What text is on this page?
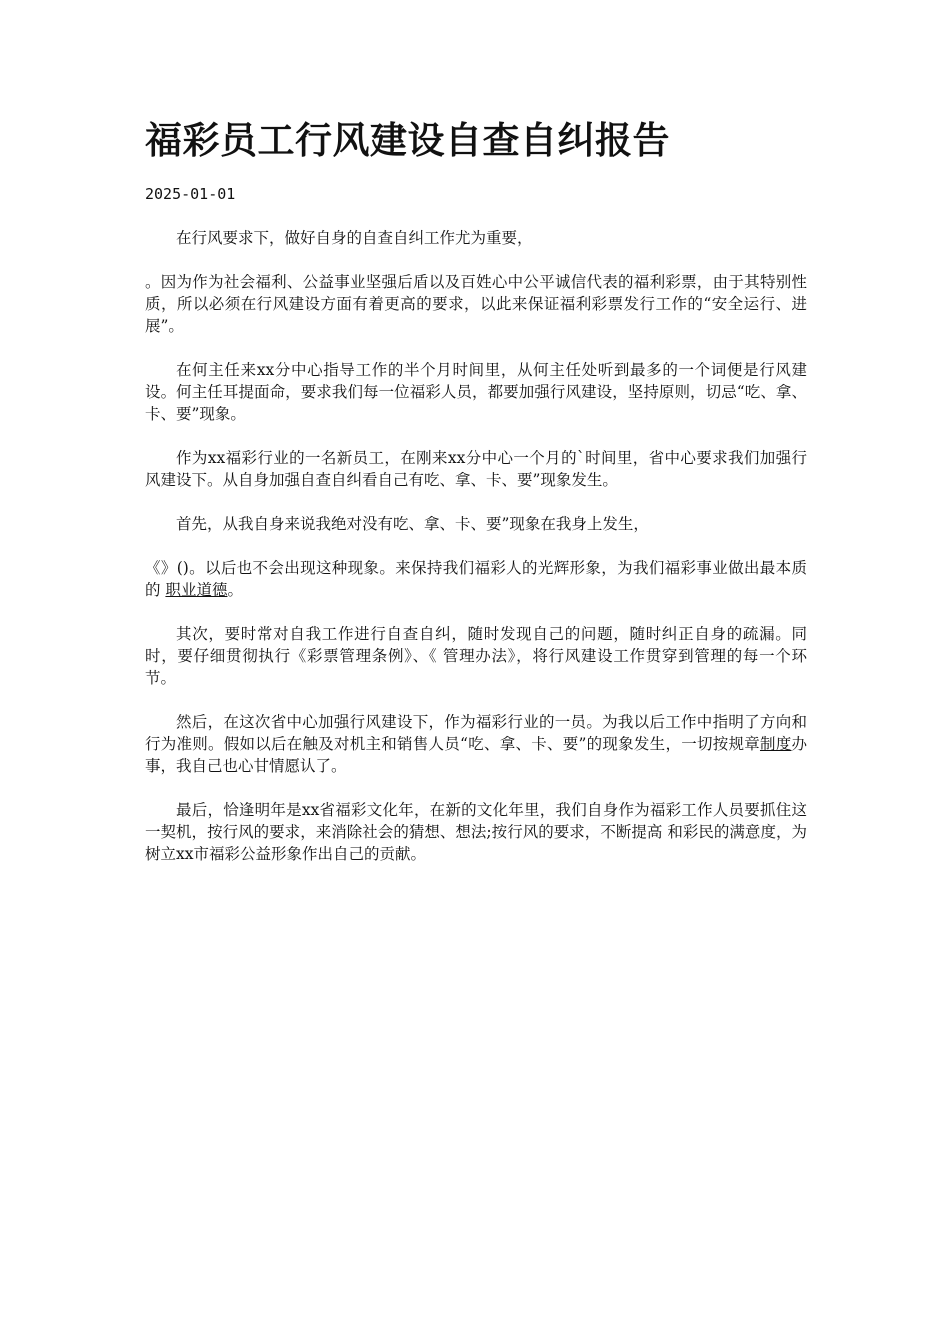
福彩员工行风建设自查自纠报告
2025-01-01

在行风要求下，做好自身的自查自纠工作尤为重要，

。因为作为社会福利、公益事业坚强后盾以及百姓心中公平诚信代表的福利彩票，由于其特别性质，所以必须在行风建设方面有着更高的要求，以此来保证福利彩票发行工作的“安全运行、进展”。

在何主任来xx分中心指导工作的半个月时间里，从何主任处听到最多的一个词便是行风建设。何主任耳提面命，要求我们每一位福彩人员，都要加强行风建设，坚持原则，切忌“吃、拿、卡、要”现象。

作为xx福彩行业的一名新员工，在刚来xx分中心一个月的`时间里，省中心要求我们加强行风建设下。从自身加强自查自纠看自己有吃、拿、卡、要”现象发生。

首先，从我自身来说我绝对没有吃、拿、卡、要”现象在我身上发生，

《》()。以后也不会出现这种现象。来保持我们福彩人的光辉形象，为我们福彩事业做出最本质的 职业道德。

其次，要时常对自我工作进行自查自纠，随时发现自己的问题，随时纠正自身的疏漏。同时，要仔细贯彻执行《彩票管理条例》、《 管理办法》，将行风建设工作贯穿到管理的每一个环节。

然后，在这次省中心加强行风建设下，作为福彩行业的一员。为我以后工作中指明了方向和行为准则。假如以后在触及对机主和销售人员“吃、拿、卡、要”的现象发生，一切按规章制度办事，我自己也心甘情愿认了。

最后，恰逢明年是xx省福彩文化年，在新的文化年里，我们自身作为福彩工作人员要抓住这一契机，按行风的要求，来消除社会的猜想、想法;按行风的要求，不断提高 和彩民的满意度，为树立xx市福彩公益形象作出自己的贡献。
